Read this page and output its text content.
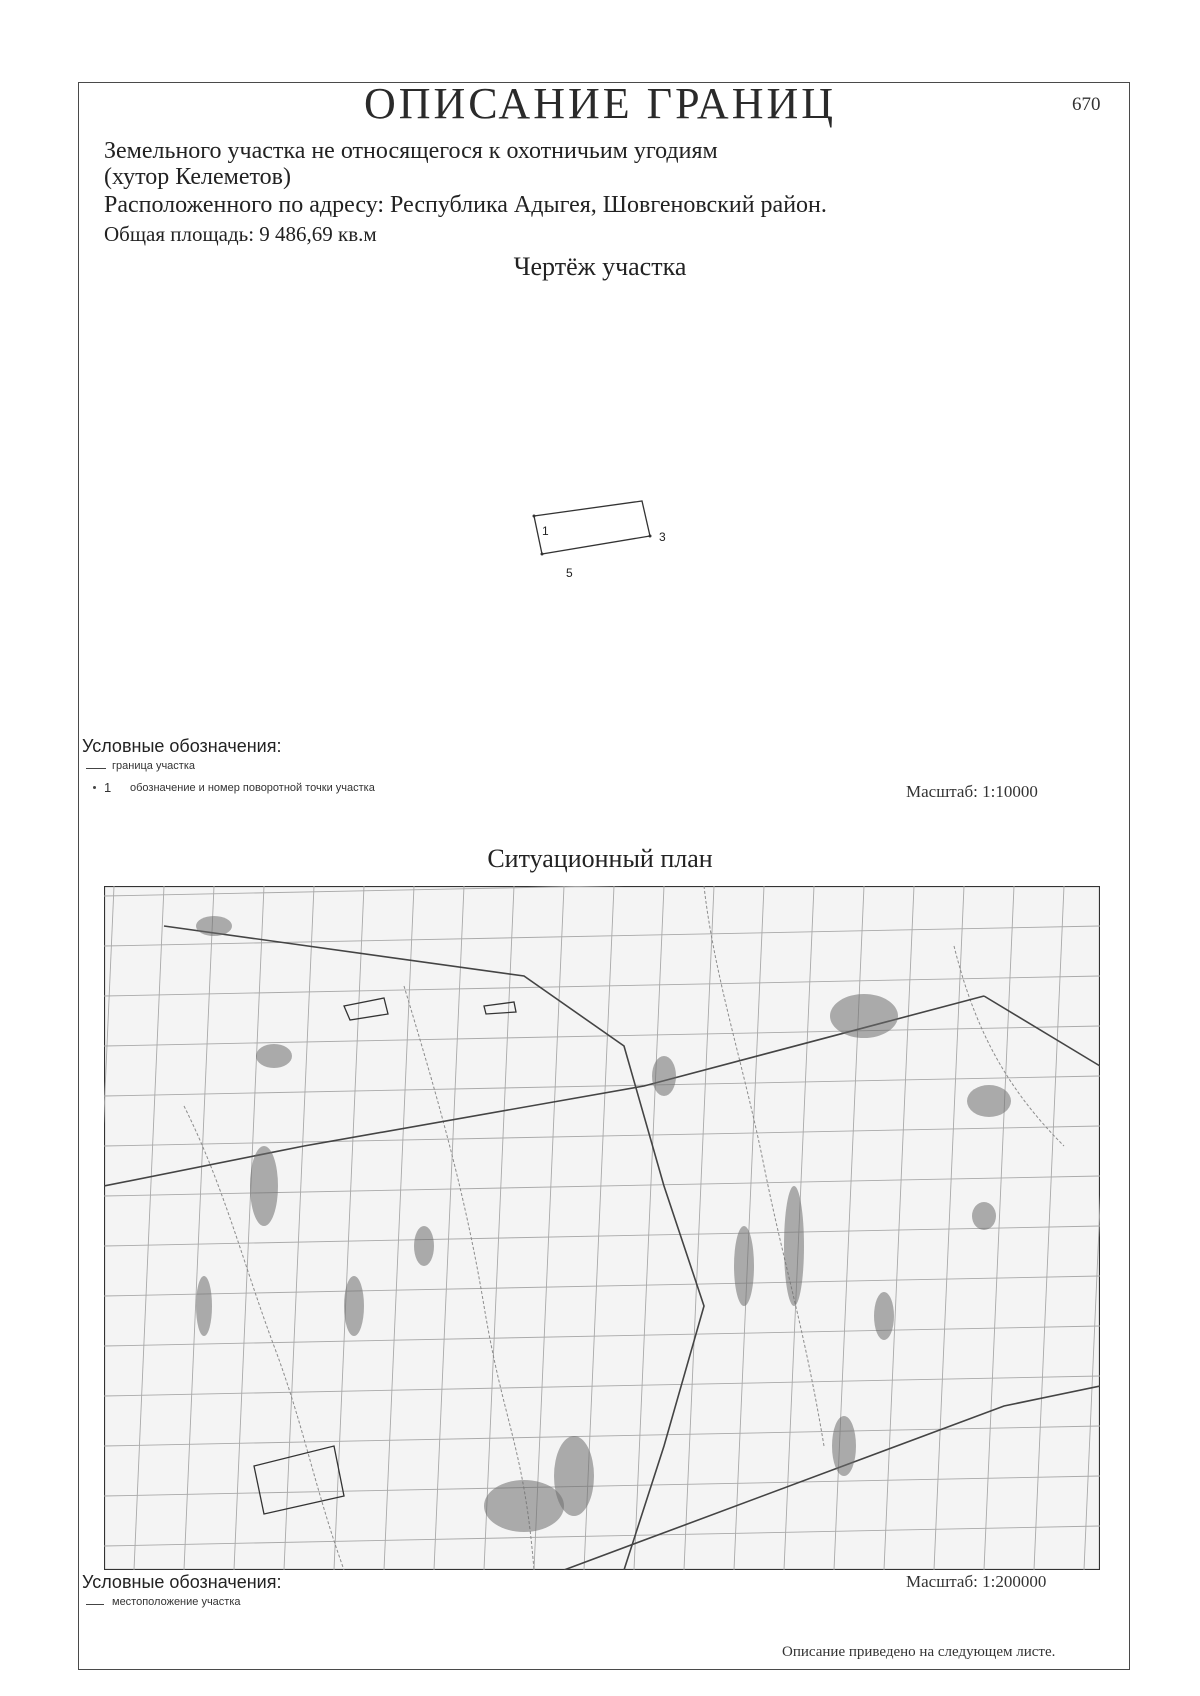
ОПИСАНИЕ ГРАНИЦ	670
Земельного участка не относящегося к охотничьим угодиям
(хутор Келеметов)
Расположенного по адресу: Республика Адыгея, Шовгеновский район.
Общая площадь: 9 486,69 кв.м
Чертёж участка
1	3
5
Условные обозначения:
граница участка
1 обозначение и номер поворотной точки участка	Масштаб: 1:10000
Ситуационный план
Условные обозначения:
местоположение участка
Масштаб: 1:200000
Описание приведено на следующем листе.
